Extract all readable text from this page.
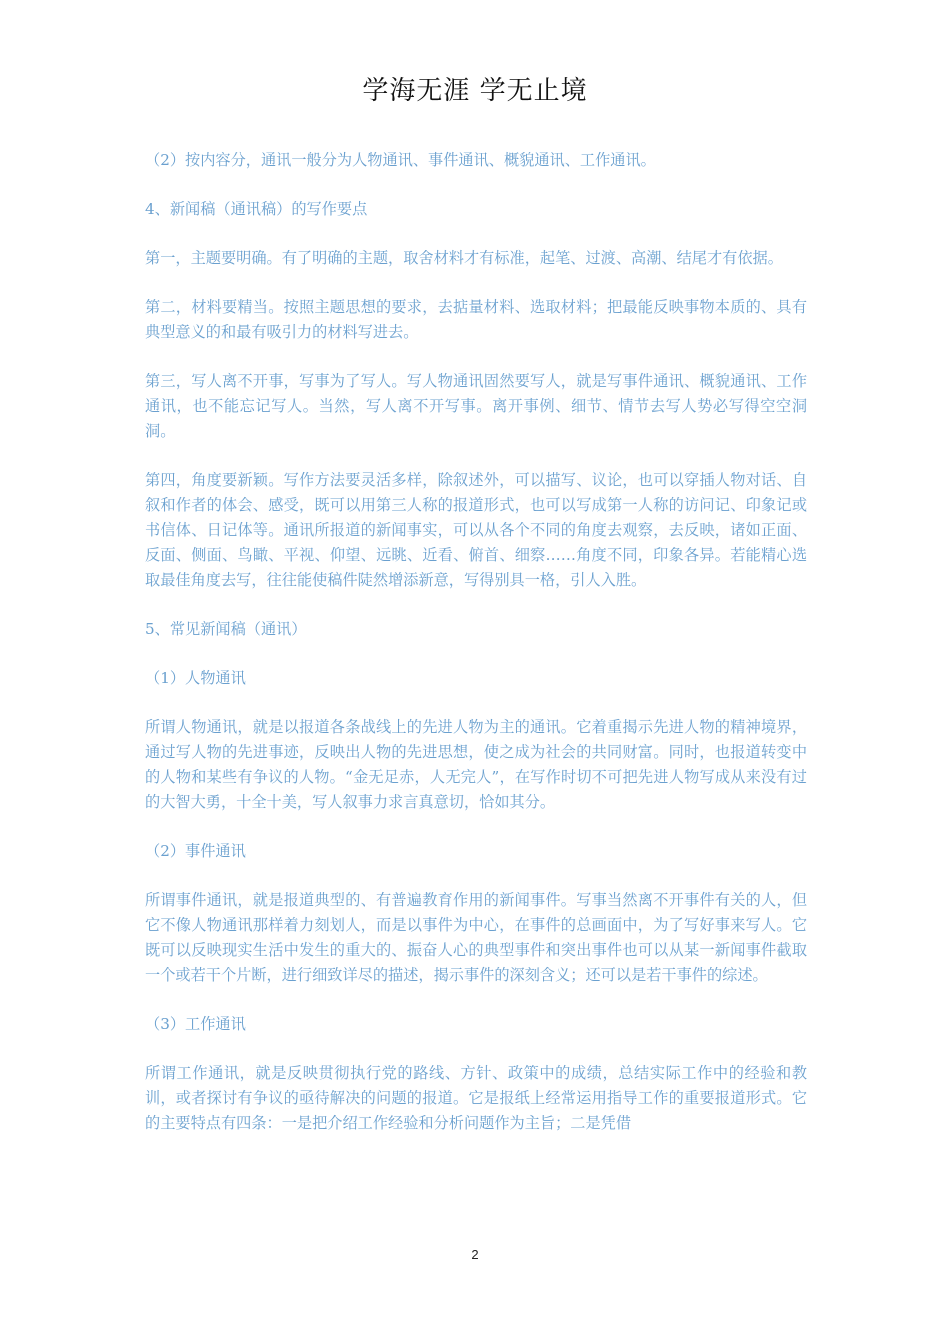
学海无涯 学无止境

（2）按内容分，通讯一般分为人物通讯、事件通讯、概貌通讯、工作通讯。

4、新闻稿（通讯稿）的写作要点

第一，主题要明确。有了明确的主题，取舍材料才有标准，起笔、过渡、高潮、结尾才有依据。

第二，材料要精当。按照主题思想的要求，去掂量材料、选取材料；把最能反映事物本质的、具有典型意义的和最有吸引力的材料写进去。

第三，写人离不开事，写事为了写人。写人物通讯固然要写人，就是写事件通讯、概貌通讯、工作通讯，也不能忘记写人。当然，写人离不开写事。离开事例、细节、情节去写人势必写得空空洞洞。

第四，角度要新颖。写作方法要灵活多样，除叙述外，可以描写、议论，也可以穿插人物对话、自叙和作者的体会、感受，既可以用第三人称的报道形式，也可以写成第一人称的访问记、印象记或书信体、日记体等。通讯所报道的新闻事实，可以从各个不同的角度去观察，去反映，诸如正面、反面、侧面、鸟瞰、平视、仰望、远眺、近看、俯首、细察……角度不同，印象各异。若能精心选取最佳角度去写，往往能使稿件陡然增添新意，写得别具一格，引人入胜。

5、常见新闻稿（通讯）

（1）人物通讯

所谓人物通讯，就是以报道各条战线上的先进人物为主的通讯。它着重揭示先进人物的精神境界，通过写人物的先进事迹，反映出人物的先进思想，使之成为社会的共同财富。同时，也报道转变中的人物和某些有争议的人物。“金无足赤，人无完人”，在写作时切不可把先进人物写成从来没有过的大智大勇，十全十美，写人叙事力求言真意切，恰如其分。

（2）事件通讯

所谓事件通讯，就是报道典型的、有普遍教育作用的新闻事件。写事当然离不开事件有关的人，但它不像人物通讯那样着力刻划人，而是以事件为中心，在事件的总画面中，为了写好事来写人。它既可以反映现实生活中发生的重大的、振奋人心的典型事件和突出事件也可以从某一新闻事件截取一个或若干个片断，进行细致详尽的描述，揭示事件的深刻含义；还可以是若干事件的综述。

（3）工作通讯

所谓工作通讯，就是反映贯彻执行党的路线、方针、政策中的成绩，总结实际工作中的经验和教训，或者探讨有争议的亟待解决的问题的报道。它是报纸上经常运用指导工作的重要报道形式。它的主要特点有四条：一是把介绍工作经验和分析问题作为主旨；二是凭借

2
